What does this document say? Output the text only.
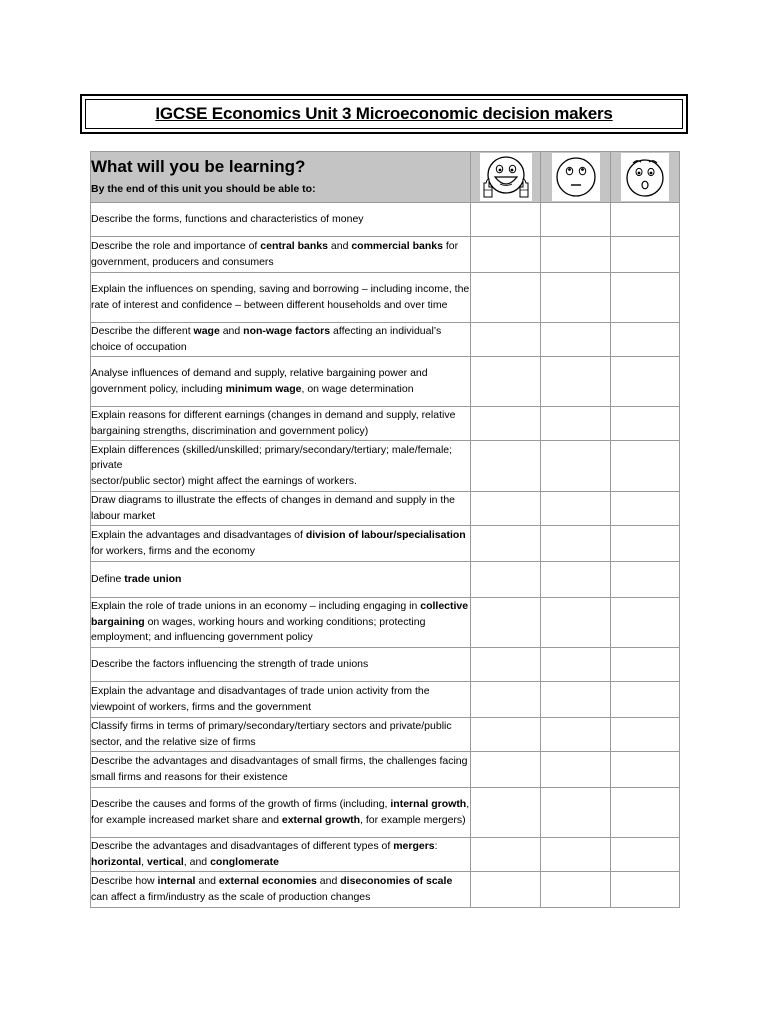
IGCSE Economics Unit 3 Microeconomic decision makers
What will you be learning?
By the end of this unit you should be able to:

Describe the forms, functions and characteristics of money			
Describe the role and importance of central banks and commercial banks for government, producers and consumers			
Explain the influences on spending, saving and borrowing – including income, the rate of interest and confidence – between different households and over time			
Describe the different wage and non-wage factors affecting an individual’s choice of occupation			
Analyse influences of demand and supply, relative bargaining power and government policy, including minimum wage, on wage determination			
Explain reasons for different earnings (changes in demand and supply, relative bargaining strengths, discrimination and government policy)			
Explain differences (skilled/unskilled; primary/secondary/tertiary; male/female; private
sector/public sector) might affect the earnings of workers.			
Draw diagrams to illustrate the effects of changes in demand and supply in the labour market			
Explain the advantages and disadvantages of division of labour/specialisation for workers, firms and the economy			
Define trade union			
Explain the role of trade unions in an economy – including engaging in collective bargaining on wages, working hours and working conditions; protecting employment; and influencing government policy			
Describe the factors influencing the strength of trade unions			
Explain the advantage and disadvantages of trade union activity from the viewpoint of workers, firms and the government			
Classify firms in terms of primary/secondary/tertiary sectors and private/public sector, and the relative size of firms			
Describe the advantages and disadvantages of small firms, the challenges facing small firms and reasons for their existence			
Describe the causes and forms of the growth of firms (including, internal growth, for example increased market share and external growth, for example mergers)			
Describe the advantages and disadvantages of different types of mergers: horizontal, vertical, and conglomerate			
Describe how internal and external economies and diseconomies of scale can affect a firm/industry as the scale of production changes			
